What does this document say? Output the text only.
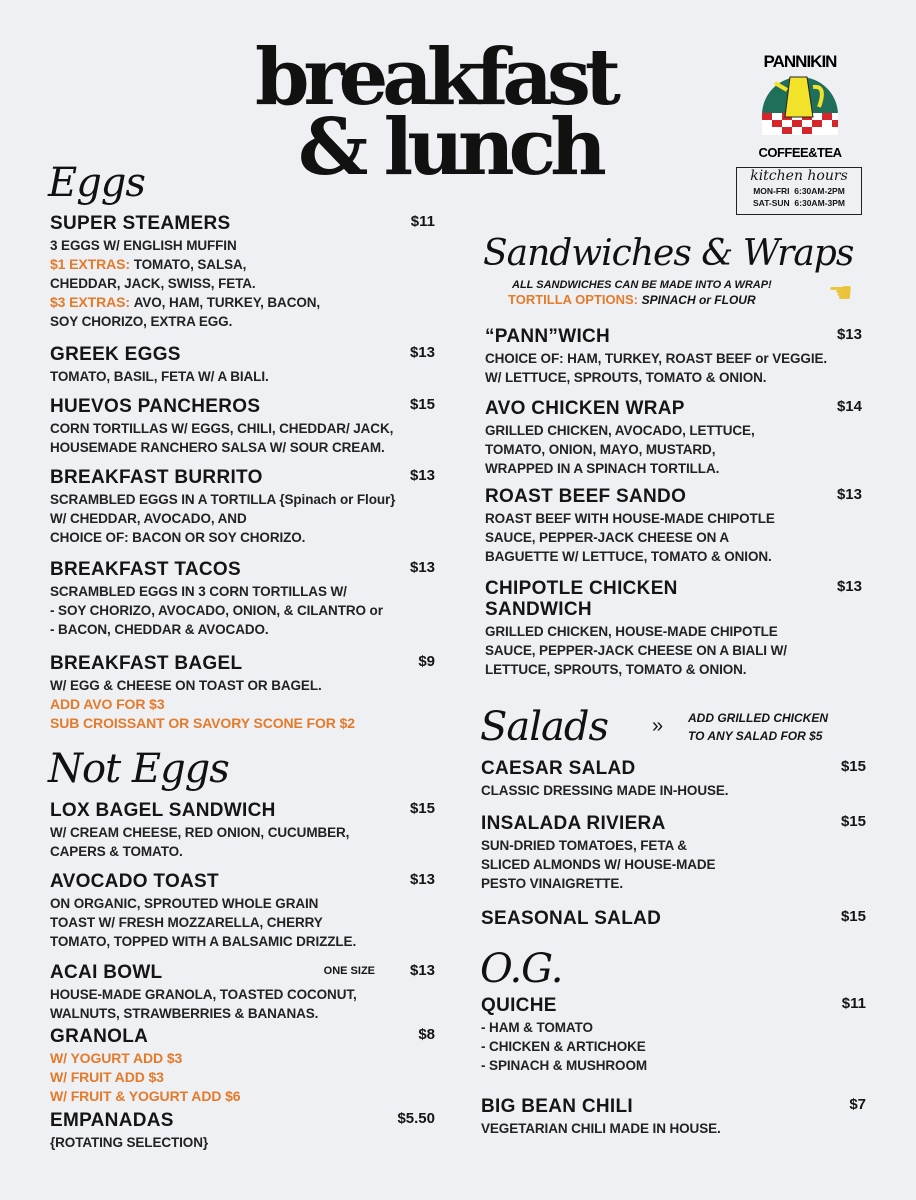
breakfast
& lunch
PANNIKIN
COFFEE&TEA
kitchen hours
MON-FRI  6:30AM-2PM
SAT-SUN  6:30AM-3PM
Eggs
Not Eggs
Sandwiches & Wraps
ALL SANDWICHES CAN BE MADE INTO A WRAP!
TORTILLA OPTIONS: SPINACH or FLOUR	☚
Salads » ADD GRILLED CHICKEN
TO ANY SALAD FOR $5
O.G.
SUPER STEAMERS	$11
3 EGGS W/ ENGLISH MUFFIN
$1 EXTRAS: TOMATO, SALSA,
CHEDDAR, JACK, SWISS, FETA.
$3 EXTRAS: AVO, HAM, TURKEY, BACON,
SOY CHORIZO, EXTRA EGG.
GREEK EGGS	$13
TOMATO, BASIL, FETA W/ A BIALI.
HUEVOS PANCHEROS	$15
CORN TORTILLAS W/ EGGS, CHILI, CHEDDAR/ JACK,
HOUSEMADE RANCHERO SALSA W/ SOUR CREAM.
BREAKFAST BURRITO	$13
SCRAMBLED EGGS IN A TORTILLA {Spinach or Flour}
W/ CHEDDAR, AVOCADO, AND
CHOICE OF: BACON OR SOY CHORIZO.
BREAKFAST TACOS	$13
SCRAMBLED EGGS IN 3 CORN TORTILLAS W/
- SOY CHORIZO, AVOCADO, ONION, & CILANTRO or
- BACON, CHEDDAR & AVOCADO.
BREAKFAST BAGEL	$9
W/ EGG & CHEESE ON TOAST OR BAGEL.
ADD AVO FOR $3
SUB CROISSANT OR SAVORY SCONE FOR $2
LOX BAGEL SANDWICH	$15
W/ CREAM CHEESE, RED ONION, CUCUMBER,
CAPERS & TOMATO.
AVOCADO TOAST	$13
ON ORGANIC, SPROUTED WHOLE GRAIN
TOAST W/ FRESH MOZZARELLA, CHERRY
TOMATO, TOPPED WITH A BALSAMIC DRIZZLE.
ACAI BOWL	$13
ONE SIZE
HOUSE-MADE GRANOLA, TOASTED COCONUT,
WALNUTS, STRAWBERRIES & BANANAS.
GRANOLA	$8
W/ YOGURT ADD $3
W/ FRUIT ADD $3
W/ FRUIT & YOGURT ADD $6
EMPANADAS	$5.50
{ROTATING SELECTION}
“PANN”WICH	$13
CHOICE OF: HAM, TURKEY, ROAST BEEF or VEGGIE.
W/ LETTUCE, SPROUTS, TOMATO & ONION.
AVO CHICKEN WRAP	$14
GRILLED CHICKEN, AVOCADO, LETTUCE,
TOMATO, ONION, MAYO, MUSTARD,
WRAPPED IN A SPINACH TORTILLA.
ROAST BEEF SANDO	$13
ROAST BEEF WITH HOUSE-MADE CHIPOTLE
SAUCE, PEPPER-JACK CHEESE ON A
BAGUETTE W/ LETTUCE, TOMATO & ONION.
CHIPOTLE CHICKEN
SANDWICH
$13
GRILLED CHICKEN, HOUSE-MADE CHIPOTLE
SAUCE, PEPPER-JACK CHEESE ON A BIALI W/
LETTUCE, SPROUTS, TOMATO & ONION.
CAESAR SALAD	$15
CLASSIC DRESSING MADE IN-HOUSE.
INSALADA RIVIERA	$15
SUN-DRIED TOMATOES, FETA &
SLICED ALMONDS W/ HOUSE-MADE
PESTO VINAIGRETTE.
SEASONAL SALAD	$15
QUICHE	$11
- HAM & TOMATO
- CHICKEN & ARTICHOKE
- SPINACH & MUSHROOM
BIG BEAN CHILI	$7
VEGETARIAN CHILI MADE IN HOUSE.
